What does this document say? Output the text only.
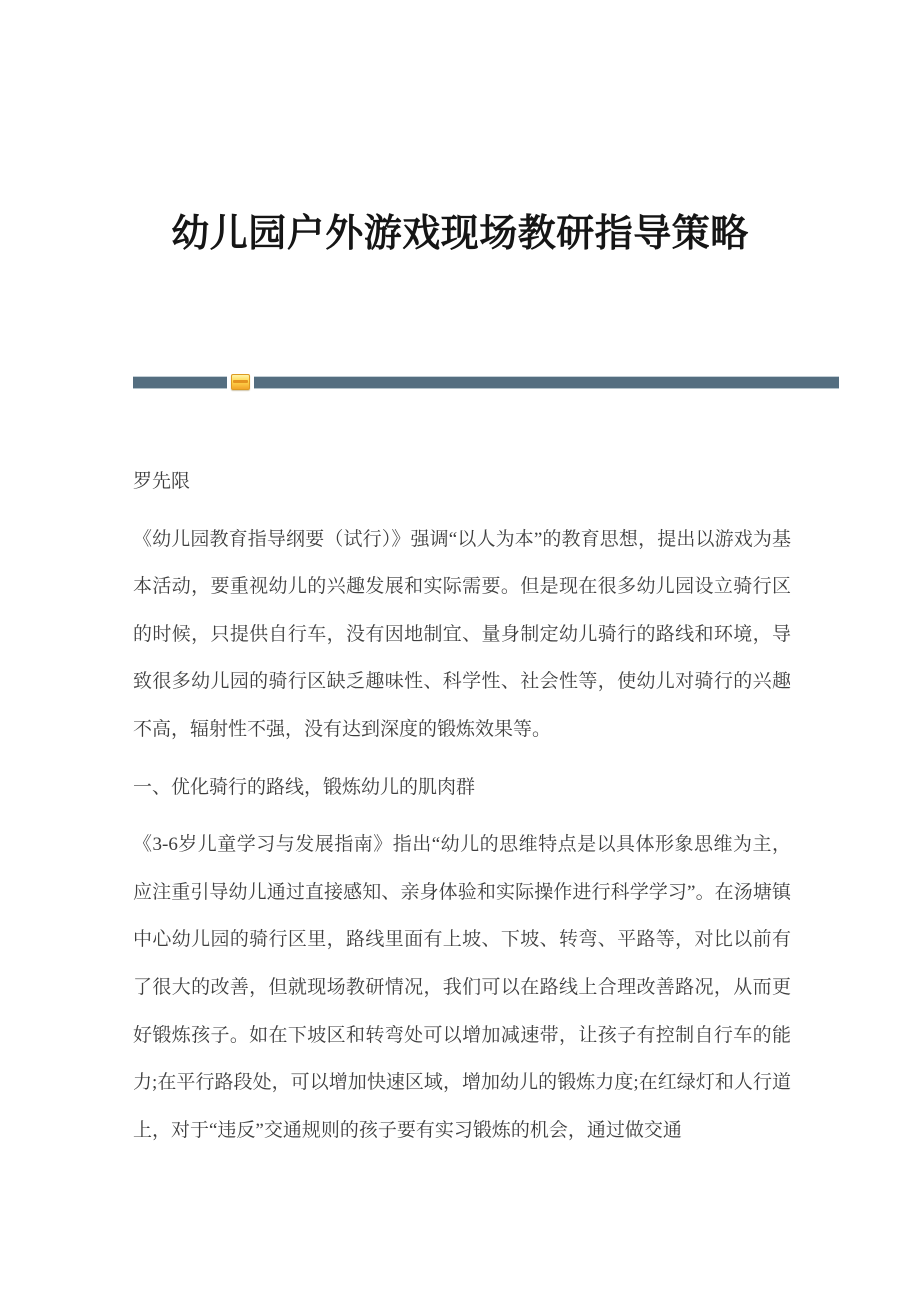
幼儿园户外游戏现场教研指导策略

罗先限

《幼儿园教育指导纲要（试行）》强调“以人为本”的教育思想，提出以游戏为基本活动，要重视幼儿的兴趣发展和实际需要。但是现在很多幼儿园设立骑行区的时候，只提供自行车，没有因地制宜、量身制定幼儿骑行的路线和环境，导致很多幼儿园的骑行区缺乏趣味性、科学性、社会性等，使幼儿对骑行的兴趣不高，辐射性不强，没有达到深度的锻炼效果等。

一、优化骑行的路线，锻炼幼儿的肌肉群

《3-6岁儿童学习与发展指南》指出“幼儿的思维特点是以具体形象思维为主，应注重引导幼儿通过直接感知、亲身体验和实际操作进行科学学习”。在汤塘镇中心幼儿园的骑行区里，路线里面有上坡、下坡、转弯、平路等，对比以前有了很大的改善，但就现场教研情况，我们可以在路线上合理改善路况，从而更好锻炼孩子。如在下坡区和转弯处可以增加减速带，让孩子有控制自行车的能力;在平行路段处，可以增加快速区域，增加幼儿的锻炼力度;在红绿灯和人行道上，对于“违反”交通规则的孩子要有实习锻炼的机会，通过做交通
